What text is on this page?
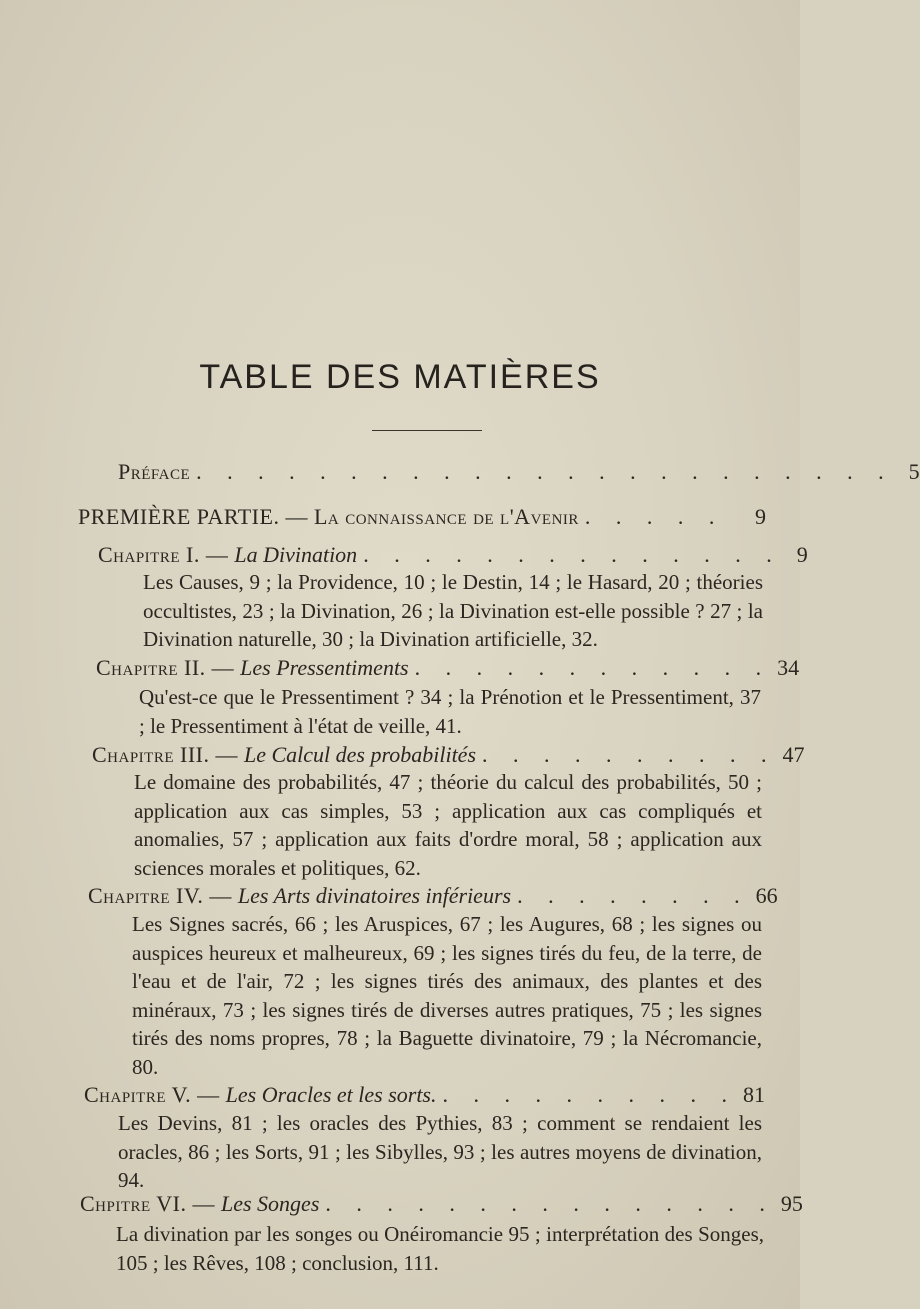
TABLE DES MATIÈRES
Préface . . . . . . . . . . . . . . . . . . . . . . . 5
PREMIÈRE PARTIE. — La connaissance de l'Avenir . . . . .	9
Chapitre I. — La Divination . . . . . . . . . . . . . . 9
Les Causes, 9 ; la Providence, 10 ; le Destin, 14 ; le Hasard, 20 ; théories occultistes, 23 ; la Divination, 26 ; la Divination est-elle possible ? 27 ; la Divination naturelle, 30 ; la Divination artificielle, 32.
Chapitre II. — Les Pressentiments . . . . . . . . . . . . 34
Qu'est-ce que le Pressentiment ? 34 ; la Prénotion et le Pressentiment, 37 ; le Pressentiment à l'état de veille, 41.
Chapitre III. — Le Calcul des probabilités . . . . . . . . . . 47
Le domaine des probabilités, 47 ; théorie du calcul des probabilités, 50 ; application aux cas simples, 53 ; application aux cas compliqués et anomalies, 57 ; application aux faits d'ordre moral, 58 ; application aux sciences morales et politiques, 62.
Chapitre IV. — Les Arts divinatoires inférieurs . . . . . . . . 66
Les Signes sacrés, 66 ; les Aruspices, 67 ; les Augures, 68 ; les signes ou auspices heureux et malheureux, 69 ; les signes tirés du feu, de la terre, de l'eau et de l'air, 72 ; les signes tirés des animaux, des plantes et des minéraux, 73 ; les signes tirés de diverses autres pratiques, 75 ; les signes tirés des noms propres, 78 ; la Baguette divinatoire, 79 ; la Nécromancie, 80.
Chapitre V. — Les Oracles et les sorts. . . . . . . . . . . 81
Les Devins, 81 ; les oracles des Pythies, 83 ; comment se rendaient les oracles, 86 ; les Sorts, 91 ; les Sibylles, 93 ; les autres moyens de divination, 94.
Chpitre VI. — Les Songes . . . . . . . . . . . . . . . 95
La divination par les songes ou Onéiromancie 95 ; interprétation des Songes, 105 ; les Rêves, 108 ; conclusion, 111.
